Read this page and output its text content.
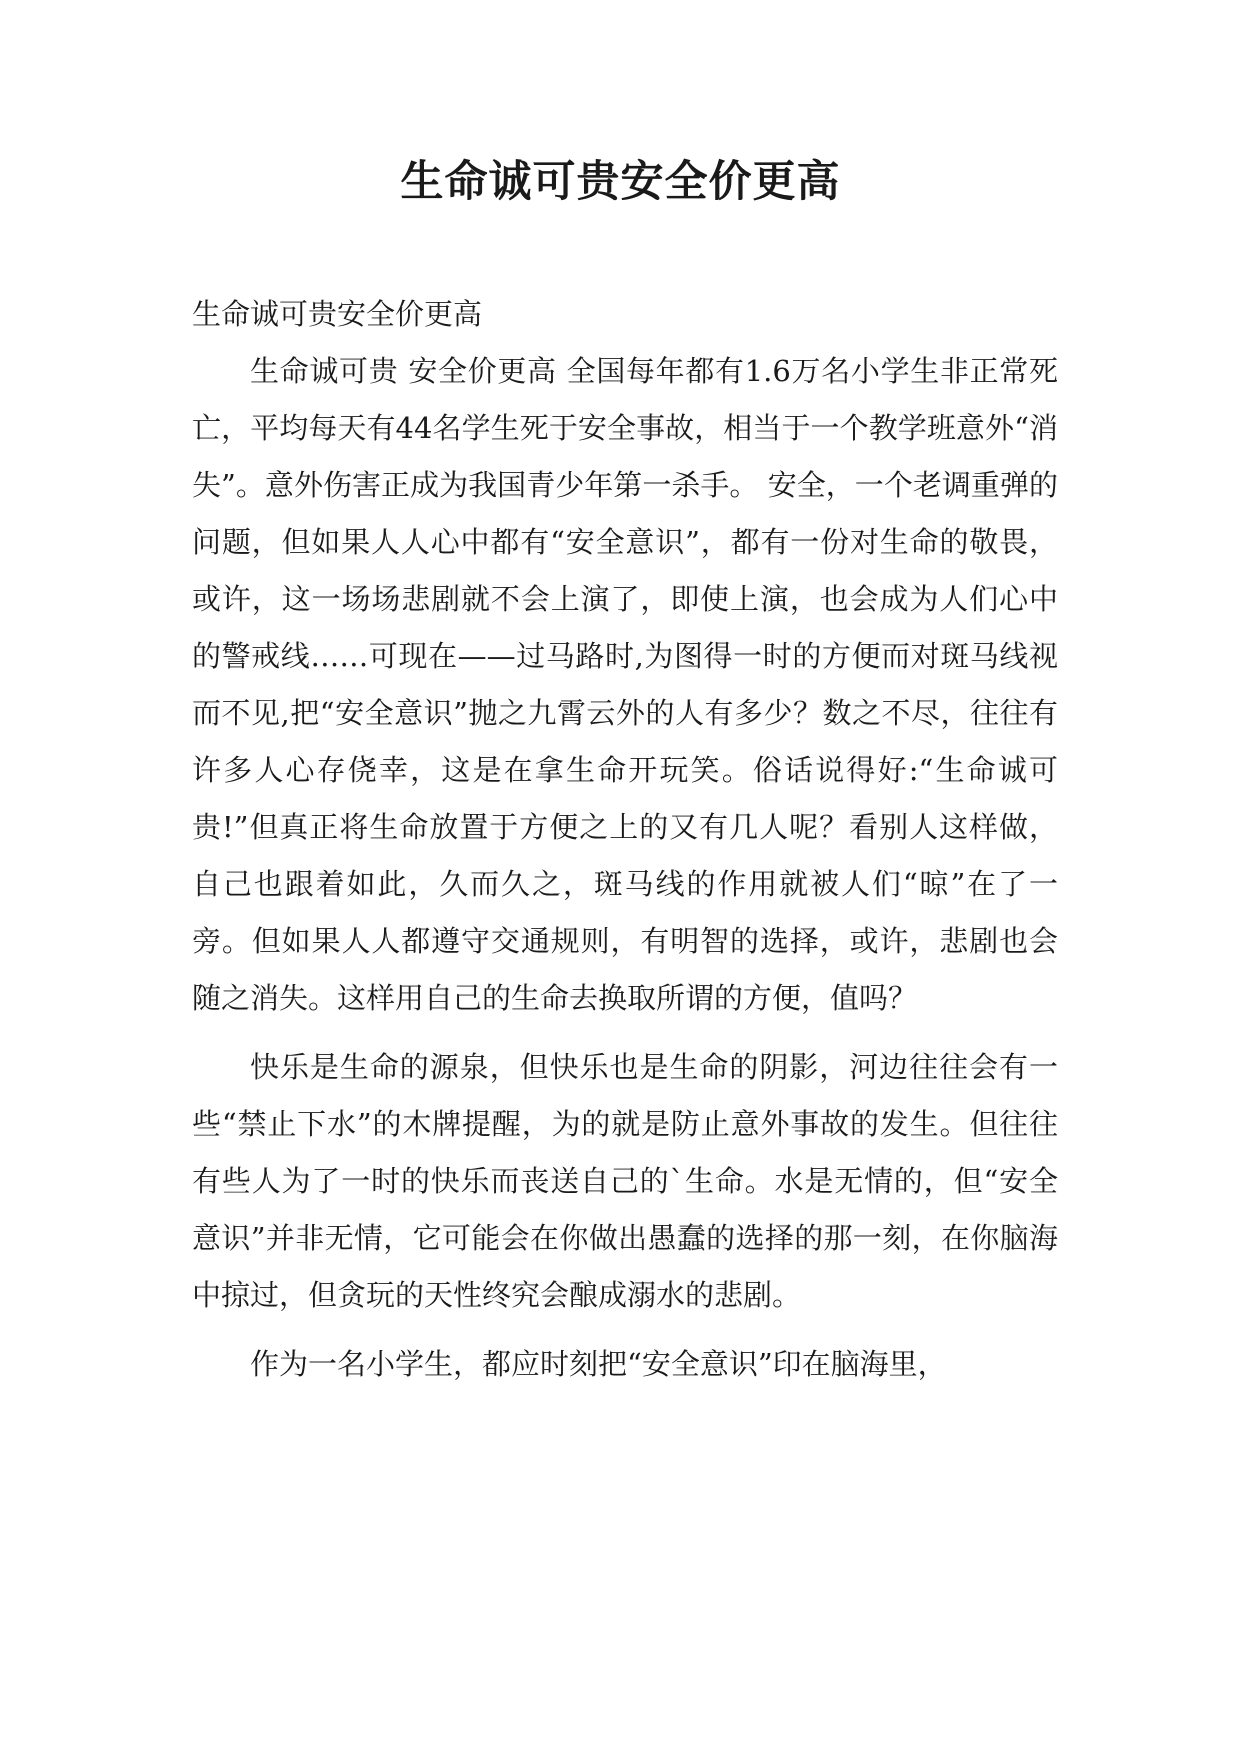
生命诚可贵安全价更高

生命诚可贵安全价更高

生命诚可贵 安全价更高 全国每年都有1.6万名小学生非正常死亡，平均每天有44名学生死于安全事故，相当于一个教学班意外“消失”。意外伤害正成为我国青少年第一杀手。 安全，一个老调重弹的问题，但如果人人心中都有“安全意识”，都有一份对生命的敬畏，或许，这一场场悲剧就不会上演了，即使上演，也会成为人们心中的警戒线……可现在——过马路时,为图得一时的方便而对斑马线视而不见,把“安全意识”抛之九霄云外的人有多少？数之不尽，往往有许多人心存侥幸，这是在拿生命开玩笑。俗话说得好:“生命诚可贵!”但真正将生命放置于方便之上的又有几人呢？看别人这样做，自己也跟着如此，久而久之，斑马线的作用就被人们“晾”在了一旁。但如果人人都遵守交通规则，有明智的选择，或许，悲剧也会随之消失。这样用自己的生命去换取所谓的方便，值吗？

快乐是生命的源泉，但快乐也是生命的阴影，河边往往会有一些“禁止下水”的木牌提醒，为的就是防止意外事故的发生。但往往有些人为了一时的快乐而丧送自己的`生命。水是无情的，但“安全意识”并非无情，它可能会在你做出愚蠢的选择的那一刻，在你脑海中掠过，但贪玩的天性终究会酿成溺水的悲剧。

作为一名小学生，都应时刻把“安全意识”印在脑海里，
